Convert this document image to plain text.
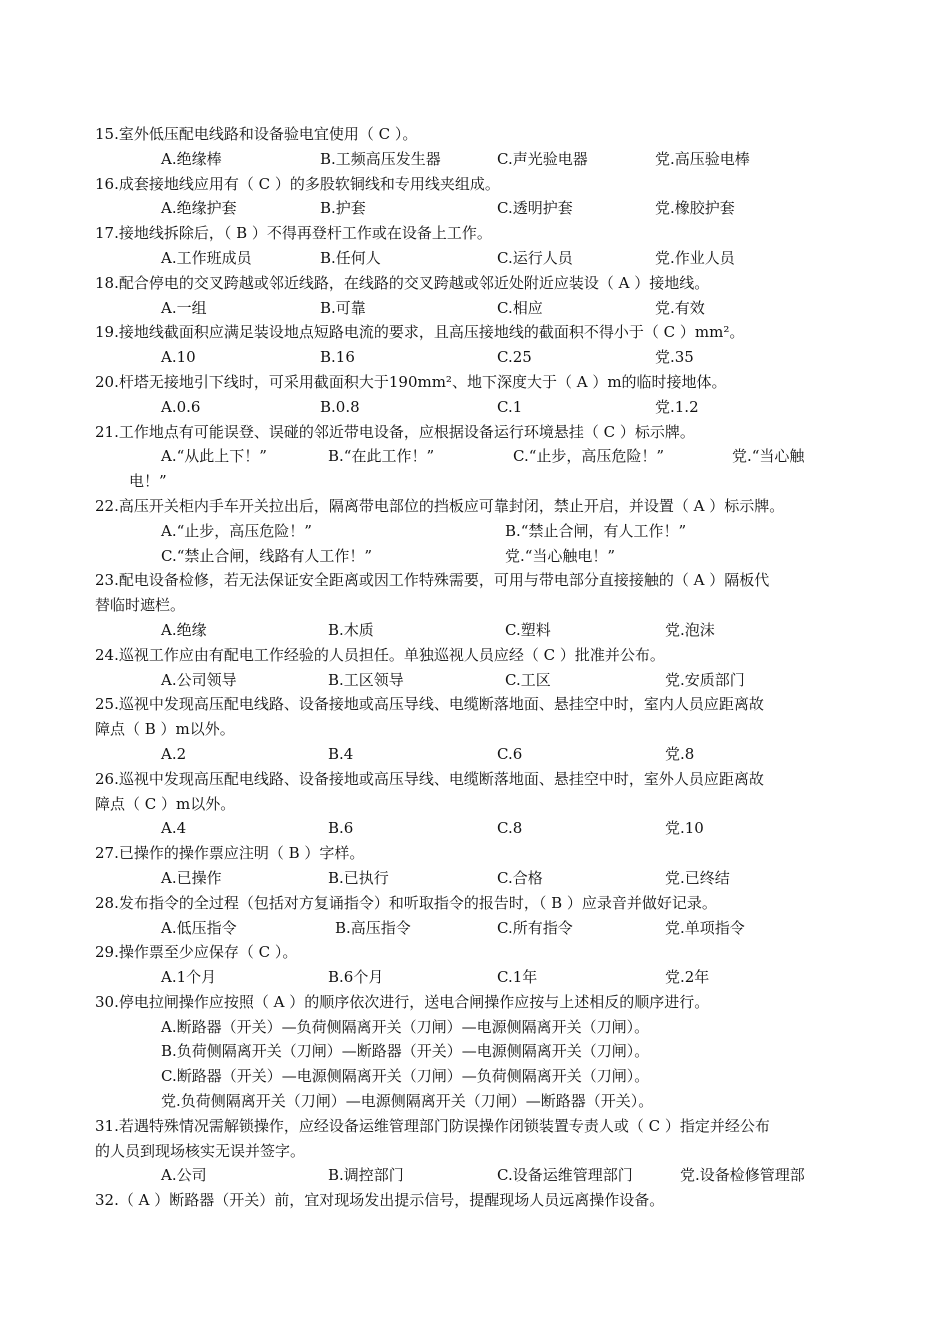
15.室外低压配电线路和设备验电宜使用（ C ）。
A.绝缘棒	B.工频高压发生器	C.声光验电器	党.高压验电棒
16.成套接地线应用有（ C ）的多股软铜线和专用线夹组成。
A.绝缘护套	B.护套	C.透明护套	党.橡胶护套
17.接地线拆除后，（ B ）不得再登杆工作或在设备上工作。
A.工作班成员	B.任何人	C.运行人员	党.作业人员
18.配合停电的交叉跨越或邻近线路，在线路的交叉跨越或邻近处附近应装设（ A ）接地线。
A.一组	B.可靠	C.相应	党.有效
19.接地线截面积应满足装设地点短路电流的要求，且高压接地线的截面积不得小于（ C ）mm²。
A.10	B.16	C.25	党.35
20.杆塔无接地引下线时，可采用截面积大于190mm²、地下深度大于（ A ）m的临时接地体。
A.0.6	B.0.8	C.1	党.1.2
21.工作地点有可能误登、误碰的邻近带电设备，应根据设备运行环境悬挂（ C ）标示牌。
A.“从此上下！”	B.“在此工作！”	C.“止步，高压危险！”	党.“当心触
电！”
22.高压开关柜内手车开关拉出后，隔离带电部位的挡板应可靠封闭，禁止开启，并设置（ A ）标示牌。
A.“止步，高压危险！”	B.“禁止合闸，有人工作！”
C.“禁止合闸，线路有人工作！”	党.“当心触电！”
23.配电设备检修，若无法保证安全距离或因工作特殊需要，可用与带电部分直接接触的（ A ）隔板代
替临时遮栏。
A.绝缘	B.木质	C.塑料	党.泡沫
24.巡视工作应由有配电工作经验的人员担任。单独巡视人员应经（ C ）批准并公布。
A.公司领导	B.工区领导	C.工区	党.安质部门
25.巡视中发现高压配电线路、设备接地或高压导线、电缆断落地面、悬挂空中时，室内人员应距离故
障点（ B ）m以外。
A.2	B.4	C.6	党.8
26.巡视中发现高压配电线路、设备接地或高压导线、电缆断落地面、悬挂空中时，室外人员应距离故
障点（ C ）m以外。
A.4	B.6	C.8	党.10
27.已操作的操作票应注明（ B ）字样。
A.已操作	B.已执行	C.合格	党.已终结
28.发布指令的全过程（包括对方复诵指令）和听取指令的报告时，（ B ）应录音并做好记录。
A.低压指令	B.高压指令	C.所有指令	党.单项指令
29.操作票至少应保存（ C ）。
A.1个月	B.6个月	C.1年	党.2年
30.停电拉闸操作应按照（ A ）的顺序依次进行，送电合闸操作应按与上述相反的顺序进行。
A.断路器（开关）—负荷侧隔离开关（刀闸）—电源侧隔离开关（刀闸）。
B.负荷侧隔离开关（刀闸）—断路器（开关）—电源侧隔离开关（刀闸）。
C.断路器（开关）—电源侧隔离开关（刀闸）—负荷侧隔离开关（刀闸）。
党.负荷侧隔离开关（刀闸）—电源侧隔离开关（刀闸）—断路器（开关）。
31.若遇特殊情况需解锁操作，应经设备运维管理部门防误操作闭锁装置专责人或（ C ）指定并经公布
的人员到现场核实无误并签字。
A.公司	B.调控部门	C.设备运维管理部门	党.设备检修管理部
32.（ A ）断路器（开关）前，宜对现场发出提示信号，提醒现场人员远离操作设备。
